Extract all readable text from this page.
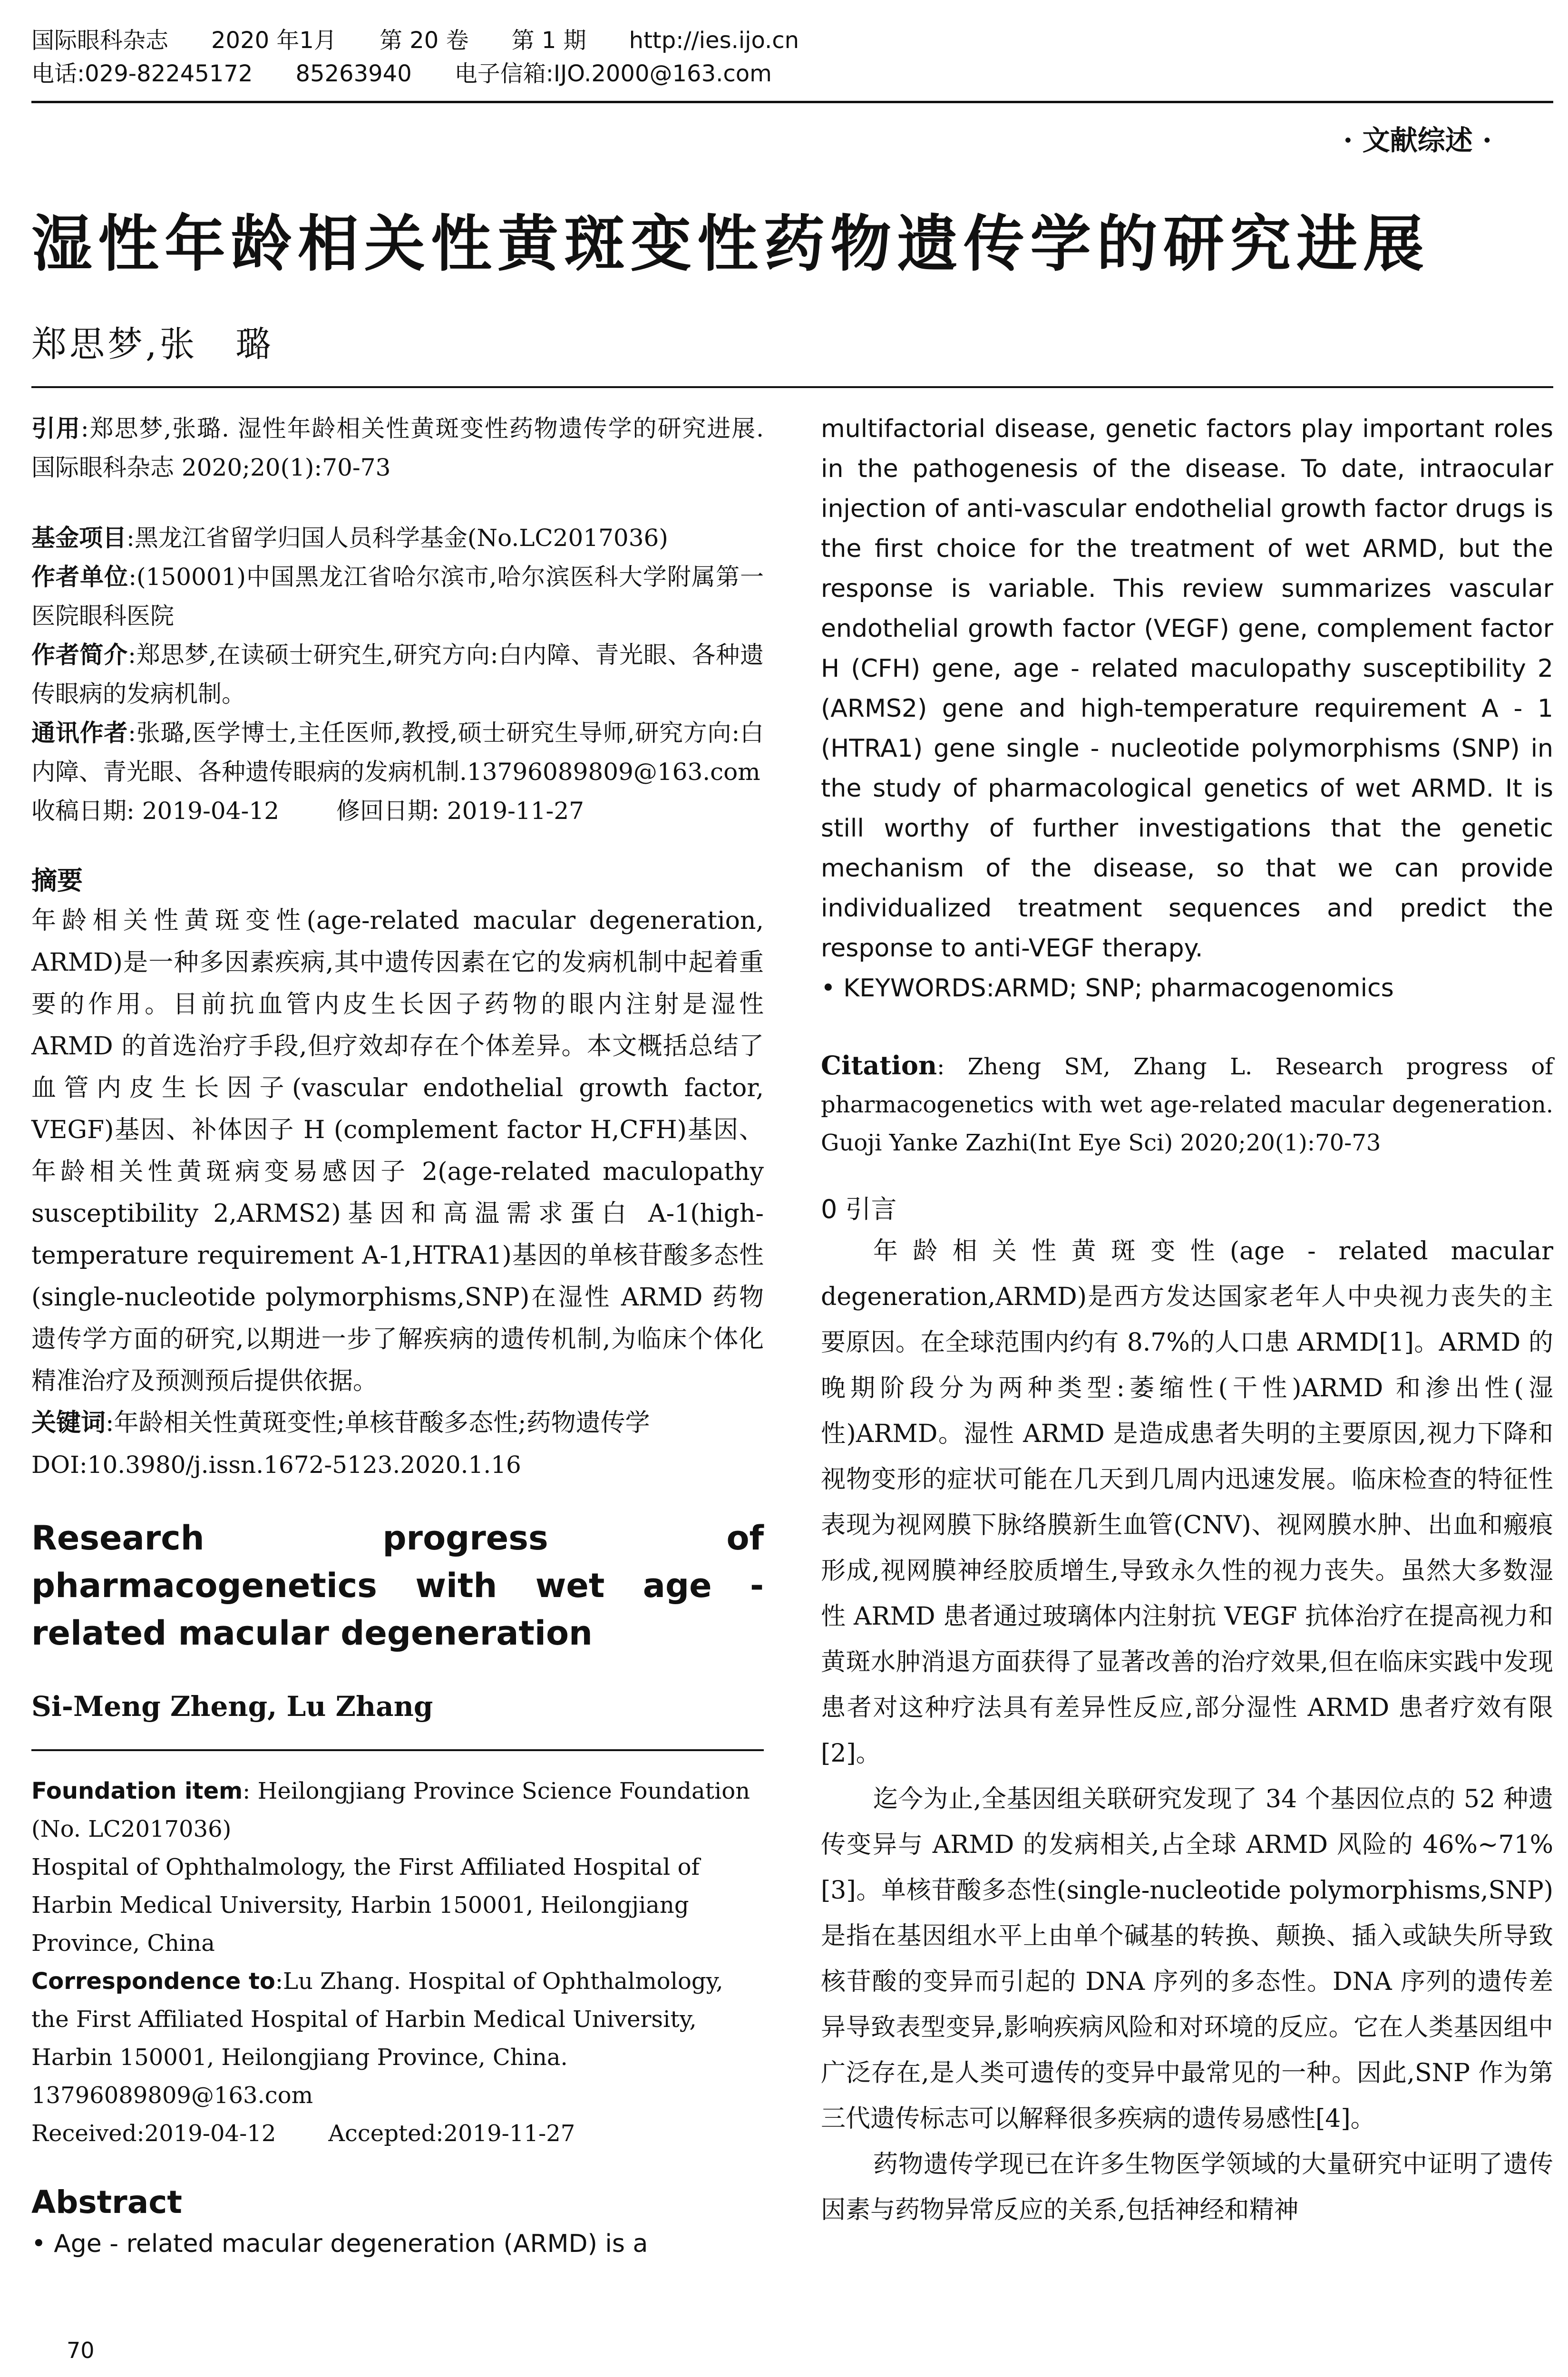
国际眼科杂志 2020 年1月 第 20 卷 第 1 期 http://ies.ijo.cn
电话:029-82245172 85263940 电子信箱:IJO.2000@163.com
· 文献综述 ·
湿性年龄相关性黄斑变性药物遗传学的研究进展
郑思梦,张　璐

引用:郑思梦,张璐. 湿性年龄相关性黄斑变性药物遗传学的研究进展. 国际眼科杂志 2020;20(1):70-73

基金项目:黑龙江省留学归国人员科学基金(No.LC2017036)

作者单位:(150001)中国黑龙江省哈尔滨市,哈尔滨医科大学附属第一医院眼科医院

作者简介:郑思梦,在读硕士研究生,研究方向:白内障、青光眼、各种遗传眼病的发病机制。

通讯作者:张璐,医学博士,主任医师,教授,硕士研究生导师,研究方向:白内障、青光眼、各种遗传眼病的发病机制.13796089809@163.com

收稿日期: 2019-04-12 修回日期: 2019-11-27

摘要

年龄相关性黄斑变性(age-related macular degeneration, ARMD)是一种多因素疾病,其中遗传因素在它的发病机制中起着重要的作用。目前抗血管内皮生长因子药物的眼内注射是湿性 ARMD 的首选治疗手段,但疗效却存在个体差异。本文概括总结了血管内皮生长因子(vascular endothelial growth factor, VEGF)基因、补体因子 H (complement factor H,CFH)基因、年龄相关性黄斑病变易感因子 2(age-related maculopathy susceptibility 2,ARMS2)基因和高温需求蛋白 A-1(high-temperature requirement A-1,HTRA1)基因的单核苷酸多态性(single-nucleotide polymorphisms,SNP)在湿性 ARMD 药物遗传学方面的研究,以期进一步了解疾病的遗传机制,为临床个体化精准治疗及预测预后提供依据。

关键词:年龄相关性黄斑变性;单核苷酸多态性;药物遗传学

DOI:10.3980/j.issn.1672-5123.2020.1.16

Research progress of pharmacogenetics with wet age - related macular degeneration

Si-Meng Zheng, Lu Zhang

Foundation item: Heilongjiang Province Science Foundation (No. LC2017036)

Hospital of Ophthalmology, the First Affiliated Hospital of Harbin Medical University, Harbin 150001, Heilongjiang Province, China

Correspondence to:Lu Zhang. Hospital of Ophthalmology, the First Affiliated Hospital of Harbin Medical University, Harbin 150001, Heilongjiang Province, China. 13796089809@163.com

Received:2019-04-12 Accepted:2019-11-27

Abstract

• Age - related macular degeneration (ARMD) is a

multifactorial disease, genetic factors play important roles in the pathogenesis of the disease. To date, intraocular injection of anti-vascular endothelial growth factor drugs is the first choice for the treatment of wet ARMD, but the response is variable. This review summarizes vascular endothelial growth factor (VEGF) gene, complement factor H (CFH) gene, age - related maculopathy susceptibility 2 (ARMS2) gene and high-temperature requirement A - 1 (HTRA1) gene single - nucleotide polymorphisms (SNP) in the study of pharmacological genetics of wet ARMD. It is still worthy of further investigations that the genetic mechanism of the disease, so that we can provide individualized treatment sequences and predict the response to anti-VEGF therapy.

• KEYWORDS:ARMD; SNP; pharmacogenomics

Citation: Zheng SM, Zhang L. Research progress of pharmacogenetics with wet age-related macular degeneration. Guoji Yanke Zazhi(Int Eye Sci) 2020;20(1):70-73

0 引言

年龄相关性黄斑变性(age - related macular degeneration,ARMD)是西方发达国家老年人中央视力丧失的主要原因。在全球范围内约有 8.7%的人口患 ARMD[1]。ARMD 的晚期阶段分为两种类型:萎缩性(干性)ARMD 和渗出性(湿性)ARMD。湿性 ARMD 是造成患者失明的主要原因,视力下降和视物变形的症状可能在几天到几周内迅速发展。临床检查的特征性表现为视网膜下脉络膜新生血管(CNV)、视网膜水肿、出血和瘢痕形成,视网膜神经胶质增生,导致永久性的视力丧失。虽然大多数湿性 ARMD 患者通过玻璃体内注射抗 VEGF 抗体治疗在提高视力和黄斑水肿消退方面获得了显著改善的治疗效果,但在临床实践中发现患者对这种疗法具有差异性反应,部分湿性 ARMD 患者疗效有限[2]。

迄今为止,全基因组关联研究发现了 34 个基因位点的 52 种遗传变异与 ARMD 的发病相关,占全球 ARMD 风险的 46%~71%[3]。单核苷酸多态性(single-nucleotide polymorphisms,SNP)是指在基因组水平上由单个碱基的转换、颠换、插入或缺失所导致核苷酸的变异而引起的 DNA 序列的多态性。DNA 序列的遗传差异导致表型变异,影响疾病风险和对环境的反应。它在人类基因组中广泛存在,是人类可遗传的变异中最常见的一种。因此,SNP 作为第三代遗传标志可以解释很多疾病的遗传易感性[4]。

药物遗传学现已在许多生物医学领域的大量研究中证明了遗传因素与药物异常反应的关系,包括神经和精神

70
